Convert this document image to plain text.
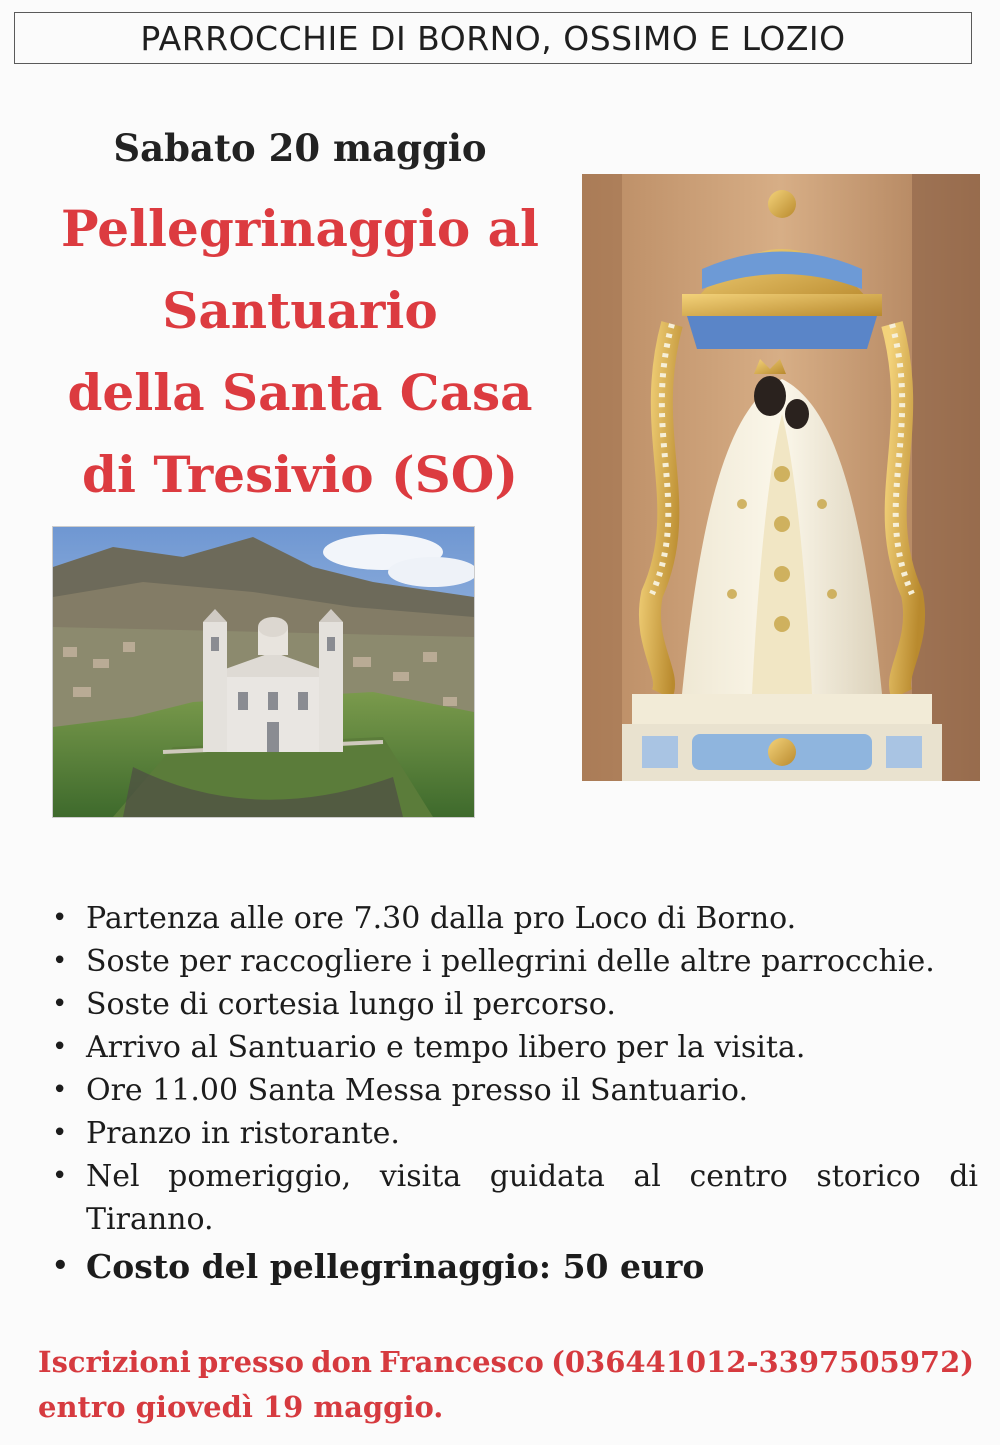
PARROCCHIE DI BORNO, OSSIMO E LOZIO
Sabato 20 maggio
Pellegrinaggio al
Santuario
della Santa Casa
di Tresivio (SO)
• Partenza alle ore 7.30 dalla pro Loco di Borno.
• Soste per raccogliere i pellegrini delle altre parrocchie.
• Soste di cortesia lungo il percorso.
• Arrivo al Santuario e tempo libero per la visita.
• Ore 11.00 Santa Messa presso il Santuario.
• Pranzo in ristorante.
• Nel pomeriggio, visita guidata al centro storico di Tiranno.
• Costo del pellegrinaggio: 50 euro
Iscrizioni presso don Francesco (036441012-3397505972)
entro giovedì 19 maggio.
